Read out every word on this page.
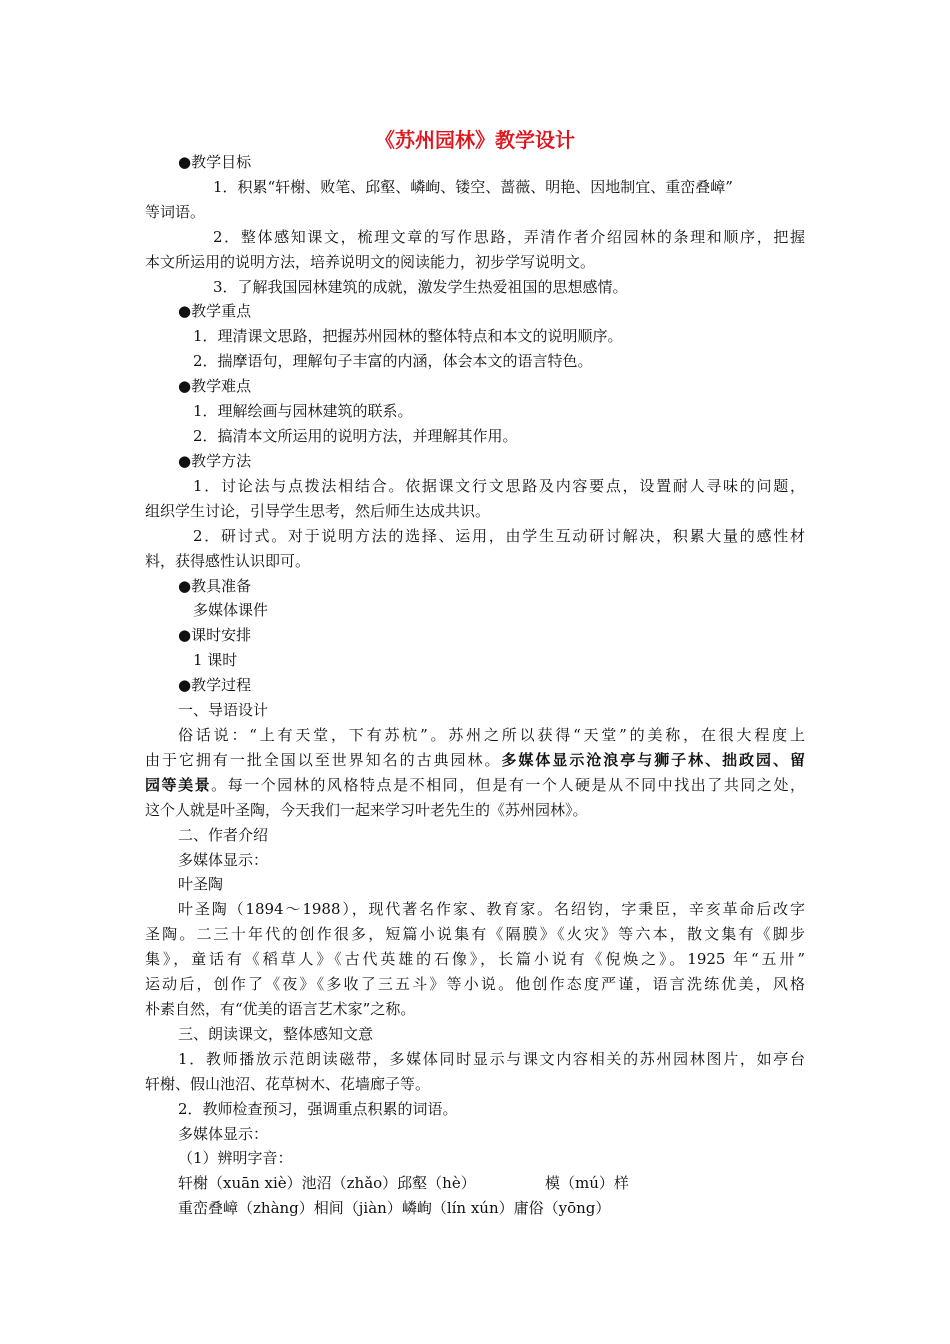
《苏州园林》教学设计
●教学目标
1．积累“轩榭、败笔、邱壑、嶙峋、镂空、蔷薇、明艳、因地制宜、重峦叠嶂”
等词语。
2．整体感知课文，梳理文章的写作思路，弄清作者介绍园林的条理和顺序，把握
本文所运用的说明方法，培养说明文的阅读能力，初步学写说明文。
3．了解我国园林建筑的成就，激发学生热爱祖国的思想感情。
●教学重点
1．理清课文思路，把握苏州园林的整体特点和本文的说明顺序。
2．揣摩语句，理解句子丰富的内涵，体会本文的语言特色。
●教学难点
1．理解绘画与园林建筑的联系。
2．搞清本文所运用的说明方法，并理解其作用。
●教学方法
1．讨论法与点拨法相结合。依据课文行文思路及内容要点，设置耐人寻味的问题，
组织学生讨论，引导学生思考，然后师生达成共识。
2．研讨式。对于说明方法的选择、运用，由学生互动研讨解决，积累大量的感性材
料，获得感性认识即可。
●教具准备
多媒体课件
●课时安排
1 课时
●教学过程
一、导语设计
俗话说：“上有天堂，下有苏杭”。苏州之所以获得“天堂”的美称，在很大程度上
由于它拥有一批全国以至世界知名的古典园林。多媒体显示沧浪亭与狮子林、拙政园、留
园等美景。每一个园林的风格特点是不相同，但是有一个人硬是从不同中找出了共同之处，
这个人就是叶圣陶，今天我们一起来学习叶老先生的《苏州园林》。
二、作者介绍
多媒体显示：
叶圣陶
叶圣陶（1894～1988），现代著名作家、教育家。名绍钧，字秉臣，辛亥革命后改字
圣陶。二三十年代的创作很多，短篇小说集有《隔膜》《火灾》等六本，散文集有《脚步
集》，童话有《稻草人》《古代英雄的石像》，长篇小说有《倪焕之》。1925 年“五卅”
运动后，创作了《夜》《多收了三五斗》等小说。他创作态度严谨，语言洗练优美，风格
朴素自然，有“优美的语言艺术家”之称。
三、朗读课文，整体感知文意
1．教师播放示范朗读磁带，多媒体同时显示与课文内容相关的苏州园林图片，如亭台
轩榭、假山池沼、花草树木、花墙廊子等。
2．教师检查预习，强调重点积累的词语。
多媒体显示：
（1）辨明字音：
轩榭（xuān xiè）池沼（zhǎo）邱壑（hè）	模（mú）样
重峦叠嶂（zhàng）相间（jiàn）嶙峋（lín xún）庸俗（yōng）
